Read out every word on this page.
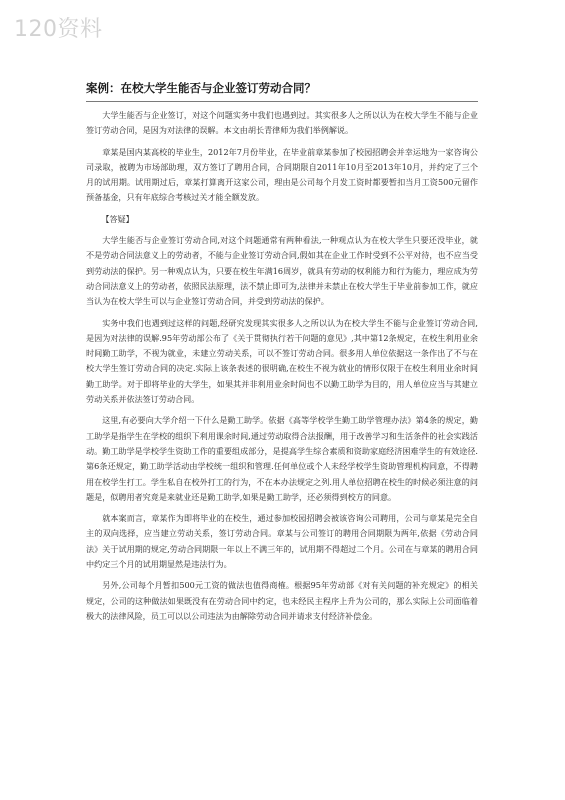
120资料
案例：在校大学生能否与企业签订劳动合同？

大学生能否与企业签订，对这个问题实务中我们也遇到过。其实很多人之所以认为在校大学生不能与企业签订劳动合同，是因为对法律的误解。本文由胡长青律师为我们举例解说。

章某是国内某高校的毕业生，2012年7月份毕业，在毕业前章某参加了校园招聘会并幸运地为一家咨询公司录取，被聘为市场部助理，双方签订了聘用合同，合同期限自2011年10月至2013年10月，并约定了三个月的试用期。试用期过后，章某打算离开这家公司，理由是公司每个月发工资时都要暂扣当月工资500元留作预备基金，只有年底综合考核过关才能全额发放。

【答疑】

大学生能否与企业签订劳动合同,对这个问题通常有两种看法,一种观点认为在校大学生只要还没毕业，就不是劳动合同法意义上的劳动者，不能与企业签订劳动合同,假如其在企业工作时受到不公平对待，也不应当受到劳动法的保护。另一种观点认为，只要在校生年满16周岁，就具有劳动的权利能力和行为能力，理应成为劳动合同法意义上的劳动者，依照民法原理，法不禁止即可为,法律并未禁止在校大学生于毕业前参加工作，就应当认为在校大学生可以与企业签订劳动合同，并受到劳动法的保护。

实务中我们也遇到过这样的问题,经研究发现其实很多人之所以认为在校大学生不能与企业签订劳动合同,是因为对法律的误解.95年劳动部公布了《关于贯彻执行若干问题的意见》,其中第12条规定，在校生利用业余时间勤工助学，不视为就业，未建立劳动关系，可以不签订劳动合同。很多用人单位依据这一条作出了不与在校大学生签订劳动合同的决定.实际上该条表述的很明确,在校生不视为就业的情形仅限于在校生利用业余时间勤工助学。对于即将毕业的大学生，如果其并非利用业余时间也不以勤工助学为目的，用人单位应当与其建立劳动关系并依法签订劳动合同。

这里,有必要向大学介绍一下什么是勤工助学。依据《高等学校学生勤工助学管理办法》第4条的规定，勤工助学是指学生在学校的组织下利用课余时间,通过劳动取得合法报酬，用于改善学习和生活条件的社会实践活动。勤工助学是学校学生资助工作的重要组成部分，是提高学生综合素质和资助家庭经济困难学生的有效途径.第6条还规定，勤工助学活动由学校统一组织和管理.任何单位或个人未经学校学生资助管理机构同意，不得聘用在校学生打工。学生私自在校外打工的行为，不在本办法规定之列.用人单位招聘在校生的时候必须注意的问题是，似聘用者究竟是来就业还是勤工助学,如果是勤工助学，还必须得到校方的同意。

就本案而言，章某作为即将毕业的在校生，通过参加校园招聘会被该咨询公司聘用，公司与章某是完全自主的双向选择，应当建立劳动关系，签订劳动合同。章某与公司签订的聘用合同期限为两年,依据《劳动合同法》关于试用期的规定,劳动合同期限一年以上不满三年的，试用期不得超过二个月。公司在与章某的聘用合同中约定三个月的试用期显然是违法行为。

另外,公司每个月暂扣500元工资的做法也值得商榷。根据95年劳动部《对有关问题的补充规定》的相关规定，公司的这种做法如果既没有在劳动合同中约定，也未经民主程序上升为公司的，那么实际上公司面临着极大的法律风险，员工可以以公司违法为由解除劳动合同并请求支付经济补偿金。
